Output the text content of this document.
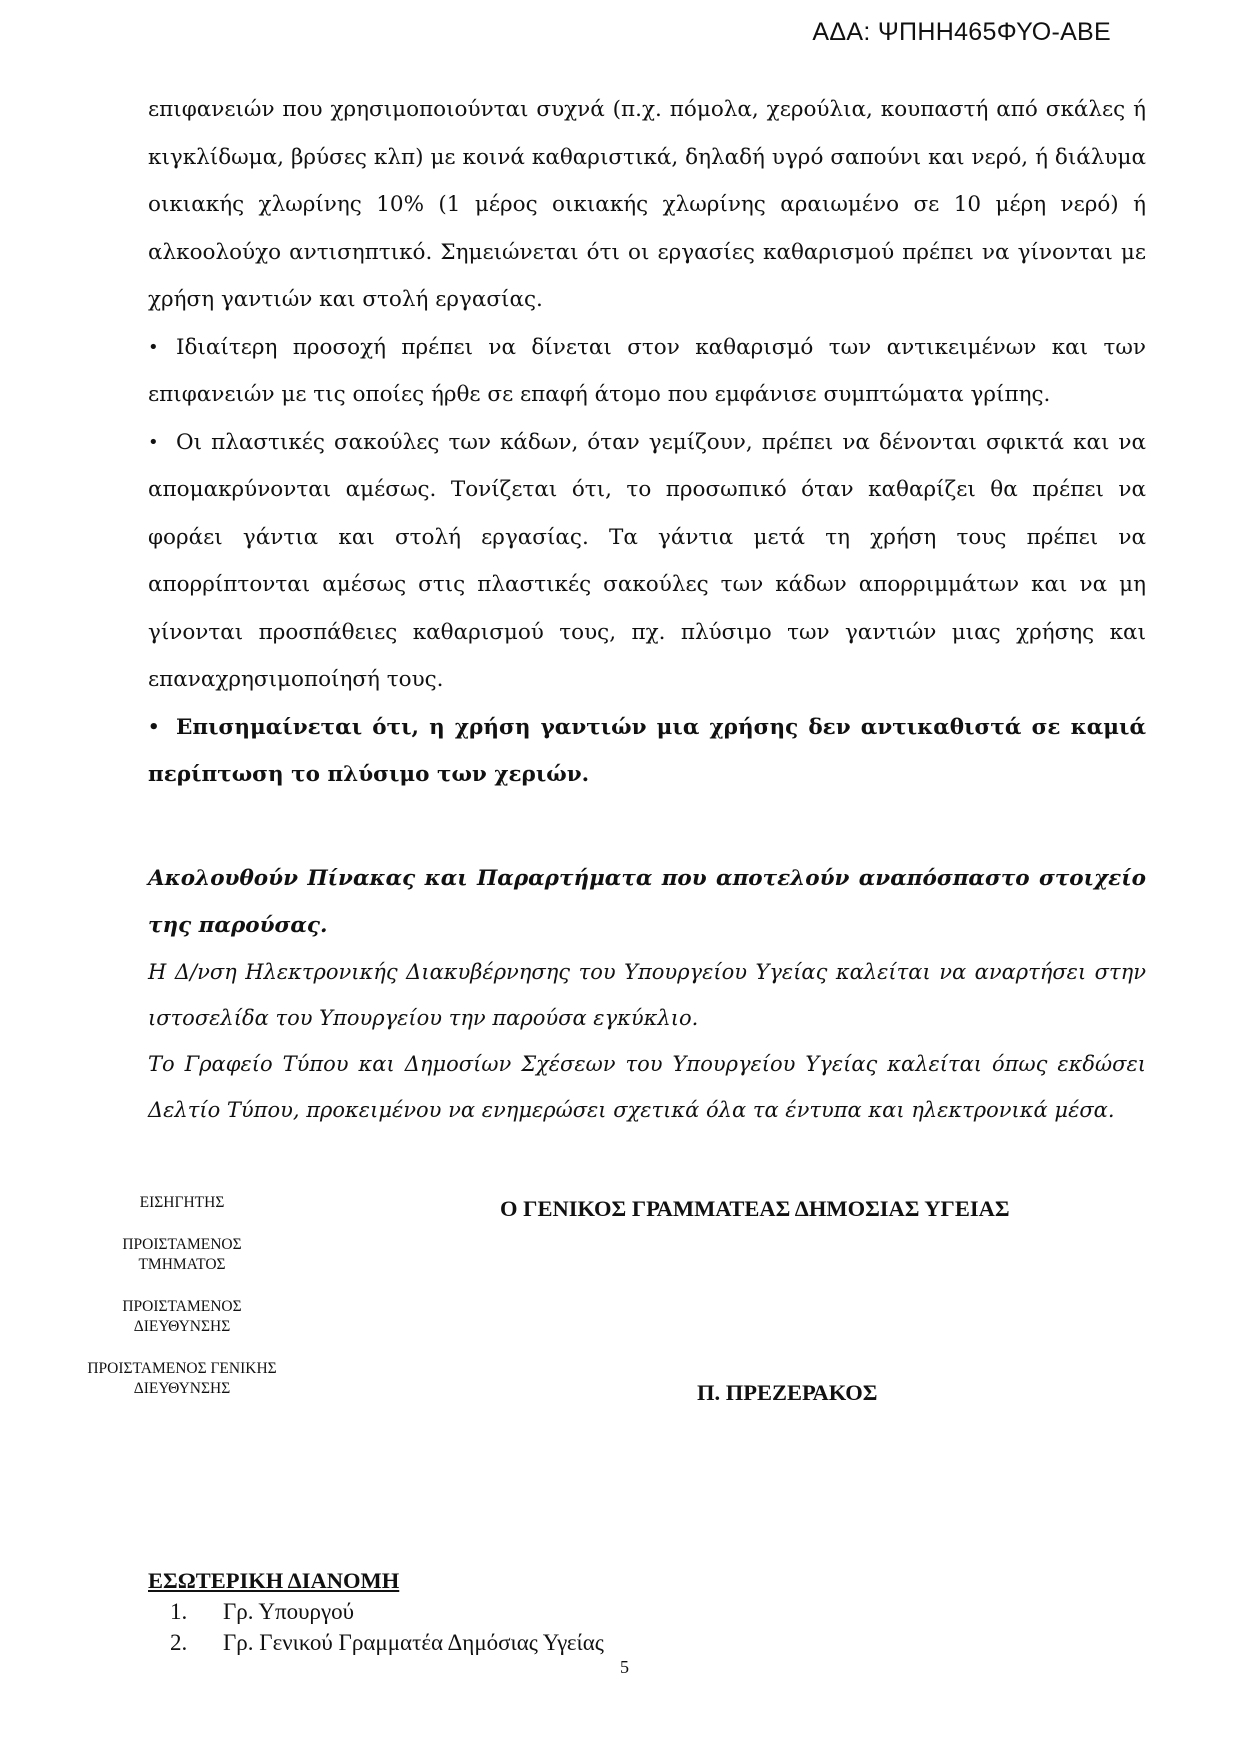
ΑΔΑ: ΨΠΗΗ465ΦΥΟ-ΑΒΕ

επιφανειών που χρησιμοποιούνται συχνά (π.χ. πόμολα, χερούλια, κουπαστή από σκάλες ή κιγκλίδωμα, βρύσες κλπ) με κοινά καθαριστικά, δηλαδή υγρό σαπούνι και νερό, ή διάλυμα οικιακής χλωρίνης 10% (1 μέρος οικιακής χλωρίνης αραιωμένο σε 10 μέρη νερό) ή αλκοολούχο αντισηπτικό. Σημειώνεται ότι οι εργασίες καθαρισμού πρέπει να γίνονται με χρήση γαντιών και στολή εργασίας.

• Ιδιαίτερη προσοχή πρέπει να δίνεται στον καθαρισμό των αντικειμένων και των επιφανειών με τις οποίες ήρθε σε επαφή άτομο που εμφάνισε συμπτώματα γρίπης.

• Οι πλαστικές σακούλες των κάδων, όταν γεμίζουν, πρέπει να δένονται σφικτά και να απομακρύνονται αμέσως. Τονίζεται ότι, το προσωπικό όταν καθαρίζει θα πρέπει να φοράει γάντια και στολή εργασίας. Τα γάντια μετά τη χρήση τους πρέπει να απορρίπτονται αμέσως στις πλαστικές σακούλες των κάδων απορριμμάτων και να μη γίνονται προσπάθειες καθαρισμού τους, πχ. πλύσιμο των γαντιών μιας χρήσης και επαναχρησιμοποίησή τους.

• Επισημαίνεται ότι, η χρήση γαντιών μια χρήσης δεν αντικαθιστά σε καμιά περίπτωση το πλύσιμο των χεριών.

Ακολουθούν Πίνακας και Παραρτήματα που αποτελούν αναπόσπαστο στοιχείο της παρούσας.

Η Δ/νση Ηλεκτρονικής Διακυβέρνησης του Υπουργείου Υγείας καλείται να αναρτήσει στην ιστοσελίδα του Υπουργείου την παρούσα εγκύκλιο.

Το Γραφείο Τύπου και Δημοσίων Σχέσεων του Υπουργείου Υγείας καλείται όπως εκδώσει Δελτίο Τύπου, προκειμένου να ενημερώσει σχετικά όλα τα έντυπα και ηλεκτρονικά μέσα.

ΕΙΣΗΓΗΤΗΣ
ΠΡΟΙΣΤΑΜΕΝΟΣ ΤΜΗΜΑΤΟΣ
ΠΡΟΙΣΤΑΜΕΝΟΣ ΔΙΕΥΘΥΝΣΗΣ
ΠΡΟΙΣΤΑΜΕΝΟΣ ΓΕΝΙΚΗΣ ΔΙΕΥΘΥΝΣΗΣ
Ο ΓΕΝΙΚΟΣ ΓΡΑΜΜΑΤΕΑΣ ΔΗΜΟΣΙΑΣ ΥΓΕΙΑΣ
Π. ΠΡΕΖΕΡΑΚΟΣ
ΕΣΩΤΕΡΙΚΗ ΔΙΑΝΟΜΗ
1.	Γρ. Υπουργού
2.	Γρ. Γενικού Γραμματέα Δημόσιας Υγείας
5
